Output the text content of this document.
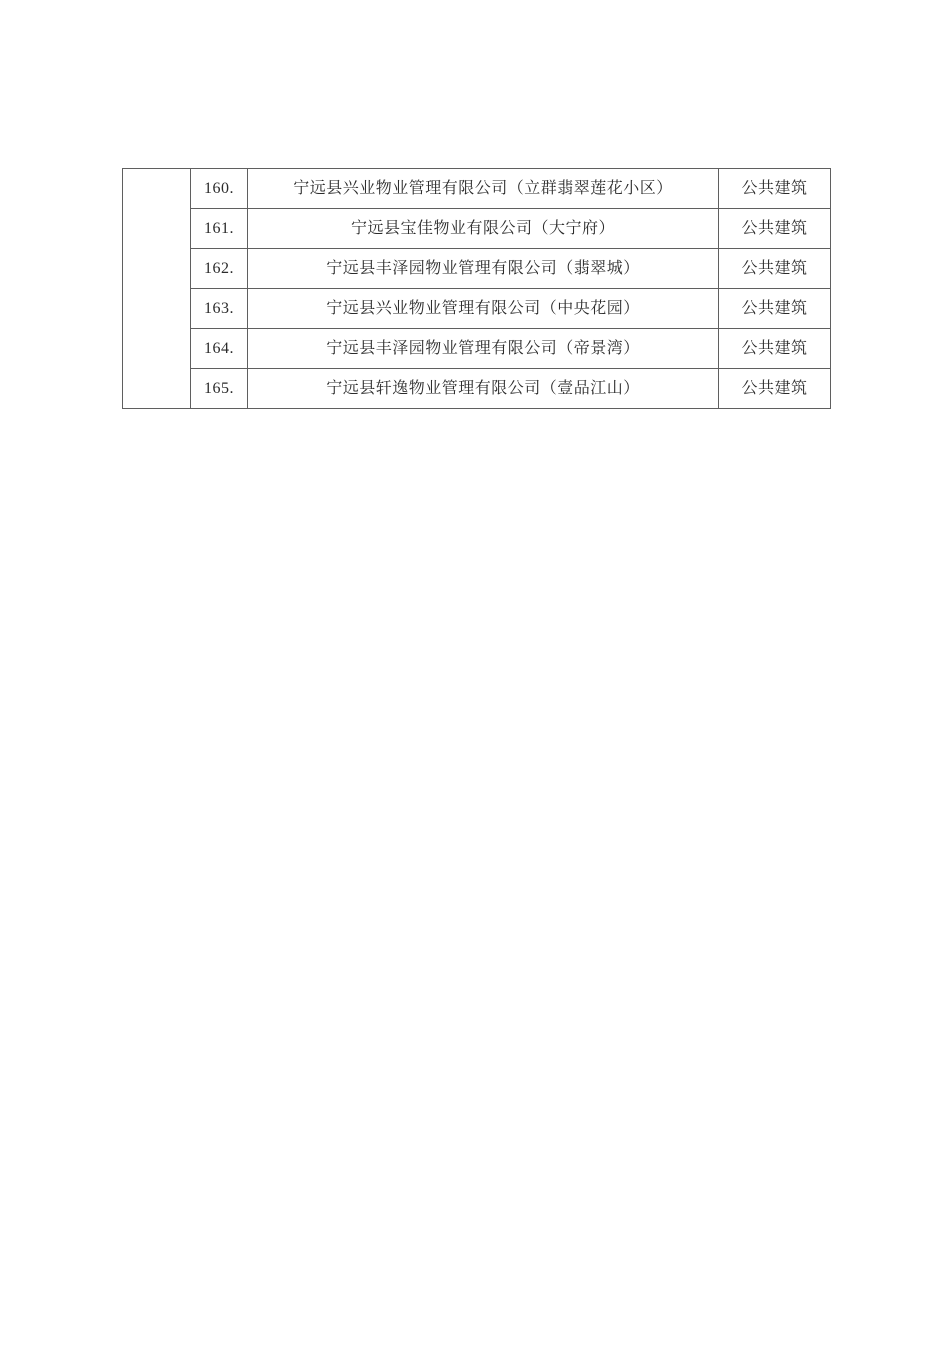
	160.	宁远县兴业物业管理有限公司（立群翡翠莲花小区）	公共建筑
	161.	宁远县宝佳物业有限公司（大宁府）	公共建筑
	162.	宁远县丰泽园物业管理有限公司（翡翠城）	公共建筑
	163.	宁远县兴业物业管理有限公司（中央花园）	公共建筑
	164.	宁远县丰泽园物业管理有限公司（帝景湾）	公共建筑
	165.	宁远县轩逸物业管理有限公司（壹品江山）	公共建筑
